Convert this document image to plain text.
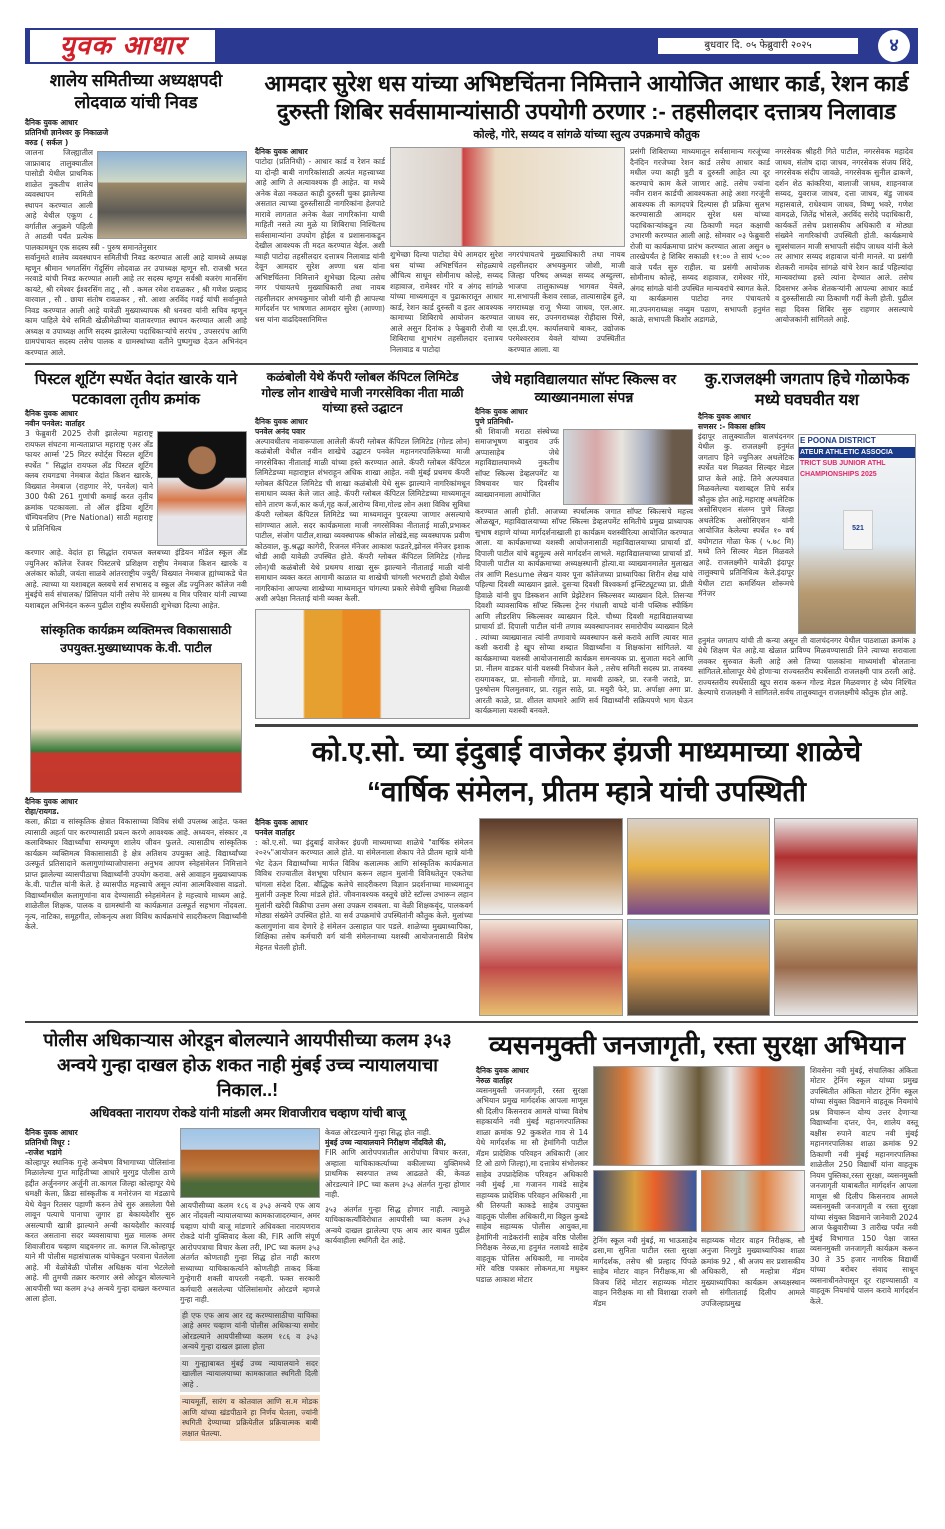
युवक आधार	बुधवार दि. ०५ फेब्रुवारी २०२५	४
शालेय समितीच्या अध्यक्षपदी लोदवाळ यांची निवड
दैनिक युवक आधार
प्रतिनिधी ज्ञानेश्वर कु निकाळजे
वरुड ( सर्कल )

जालना जिल्ह्यातील जाफ्राबाद तालुक्यातील पासोडी येथील प्राथमिक शाळेत नुकतीच शालेय व्यवस्थापन समिती स्थापन करण्यात आली आहे येथील एकूण ८ वर्गातील अनुक्रमे पहिली ते आठवी पर्यंत प्रत्येक पालकामधून एक सदस्य स्त्री - पुरुष समानतेनुसार

सर्वानुमते शालेय व्यवस्थापन समितीची निवड करण्यात आली आहे यामध्ये अध्यक्ष म्हणून श्रीमान भगतसिंग गेंदूसिंग लोदवाळ तर उपाध्यक्ष म्हणून सौ. राजश्री भरत नरवाडे यांची निवड करण्यात आली आहे तर सदस्य म्हणून सर्वश्री बजरंग मानसिंग कायटे, श्री रमेश्वर ईश्वरसिंग ताटू , सौ . कमल रमेश रावळकर , श्री गणेश प्रल्हाद वारवाल , सौ . छाया संतोष रावळकर , सौ. आशा अरविंद गवई यांची सर्वानुमते निवड करण्यात आली आहे यावेळी मुख्याध्यापक श्री धनवरा यांनी सचिव म्हणून काम पाहिले येथे समिती खेळीमेळीच्या वातावरणात स्थापन करण्यात आली आहे अध्यक्ष व उपाध्यक्ष आणि सदस्य झालेल्या पदाधिकाऱ्यांचे सरपंच , उपसरपंच आणि ग्रामपंचायत सदस्य तसेच पालक व ग्रामस्थांच्या वतीने पुष्पगुच्छ देऊन अभिनंदन करण्यात आले.

आमदार सुरेश धस यांच्या अभिष्टचिंतना निमित्ताने आयोजित आधार कार्ड, रेशन कार्ड दुरुस्ती शिबिर सर्वसामान्यांसाठी उपयोगी ठरणार :- तहसीलदार दत्तात्रय निलावाड
कोल्हे, गोरे, सय्यद व सांगळे यांच्या स्तुत्य उपक्रमाचे कौतुक
दैनिक युवक आधार

पाटोदा (प्रतिनिधी) - आधार कार्ड व रेशन कार्ड या दोन्ही बाबी नागरिकांसाठी अत्यंत महत्त्वाच्या आहे आणि ते अत्यावश्यक ही आहेत. या मध्ये अनेक वेळा नकळत काही दुरुस्ती चुका झालेल्या असतात त्याच्या दुरुस्तीसाठी नागरिकांना हेलपाटे मारावे लागतात अनेक वेळा नागरिकांना याची माहिती नसते त्या मुळे या शिबिराचा निश्चितच सर्वसामान्यांना उपयोग होईल व प्रशासनाकडून देखील आवश्यक ती मदत करण्यात येईल. अशी ग्वाही पाटोदा तहसीलदार दत्तात्रय निलावाड यांनी देवून आमदार सुरेश अण्णा धस यांना अभिष्टचिंतना निमित्ताने शुभेच्छा दिल्या तसेच नगर पंचायतचे मुख्याधिकारी तथा नायब तहसीलदार अभयकुमार जोशी यांनी ही आपल्या मार्गदर्शन पर भाषणात आमदार सुरेश (आण्णा) धस यांना वाढदिवसानिमित्त

शुभेच्छा दिल्या पाटोदा येथे आमदार सुरेश धस यांच्या अभिष्टचिंतन सोहळ्याचे औचित्य साधून सोमीनाथ कोल्हे, सय्यद शहावाज, रामेश्वर गोरे व अंगद सांगळे यांच्या माध्यमातून व पुढाकारातून आधार कार्ड, रेशन कार्ड दुरुस्ती व इतर आवश्यक कामाच्या शिबिराचे आयोजन करण्यात आले असुन दिनांक ३ फेब्रुवारी रोजी या शिबिराचा शुभारंभ तहसीलदार दत्तात्रय निलावाड व पाटोदा

नगरपंचायतचे मुख्याधिकारी तथा नायब तहसीलदार अभयकुमार जोशी, माजी जिल्हा परिषद अध्यक्ष सय्यद अब्दुल्ला, भाजपा तालुकाध्यक्ष भागवत येवले, मा.सभापती केशव रसाळ, तात्यासाहेब हुले, नगराध्यक्ष राजू भैय्या जाधव, एल.आर. जाधव सर, उपनगराध्यक्ष रोहीदास पिसे, एस.डी.एम. कार्यालयाचे बाकर, उद्योजक परमेश्वरराव येवले यांच्या उपस्थितीत करण्यात आला. या

प्रसंगी शिबिराच्या माध्यमातून सर्वसामान्य गरजूंच्या दैनंदिन गरजेच्या रेशन कार्ड तसेच आधार कार्ड मधील ज्या काही त्रुटी व दुरुस्ती आहेत त्या दूर करण्याचे काम केले जाणार आहे. तसेच ज्यांना नवीन राशन कार्डची आवश्यकता आहे अशा गरजूंनी आवश्यक ती कागदपत्रे दिल्यास ही प्रक्रिया सुलभ करण्यासाठी आमदार सुरेश धस यांच्या पदाधिकाऱ्यांकडून त्या ठिकाणी मदत कक्षाची उभारणी करण्यात आली आहे. सोमवार ०३ फेब्रुवारी रोजी या कार्यक्रमाचा प्रारंभ करण्यात आला असुन ७ तारखेपर्यंत हे शिबिर सकाळी ११:०० ते सायं ५:०० वाजे पर्यंत सुरु राहील. या प्रसंगी आयोजक सोमीनाथ कोल्हे, सय्यद शहावाज, रामेश्वर गोरे, अंगद सांगळे यांनी उपस्थित मान्यवरांचे स्वागत केले. या कार्यक्रमास पाटोदा नगर पंचायतचे मा.उपनगराध्यक्ष नय्युम पठाण, सभापती हनुमंत काळे, सभापती किशोर अडागळे,

नगरसेवक श्रीहरी गिते पाटील, नगरसेवक महादेव जाधव, संतोष दादा जाधव, नगरसेवक संजय शिंदे, नगरसेवक संदीप जावळे, नगरसेवक सुनील ढाकणे, दर्शन शेठ कांकरिया, बालाजी जाधव, शाहनवाज सय्यद, युवराज जाधव, दत्ता जाधव, बंडु जाधव महासवाले, राधेश्याम जाधव, विष्णू भवरे, गणेश वामदळे, जितेंद्र भोसले, अरविंद सरोदे पदाधिकारी, कार्यकर्ते तसेच प्रशासकीय अधिकारी व मोठ्या संख्येने नागरिकांची उपस्थिती होती. कार्यक्रमाचे सूत्रसंचालन माजी सभापती संदीप जाधव यांनी केले तर आभार सय्यद शहावाज यांनी मानले. या प्रसंगी शेतकरी नामदेव सांगळे यांचे रेशन कार्ड पहिल्यांदा मान्यवरांच्या हस्ते त्यांना देण्यात आले. तसेच दिवसभर अनेक शेतकऱ्यांनी आपल्या आधार कार्ड व दुरुस्तीसाठी त्या ठिकाणी गर्दी केली होती. पुढील सहा दिवस शिबिर सुरु राहणार असल्याचे आयोजकांनी सांगितले आहे.

पिस्टल शूटिंग स्पर्धेत वेदांत खारके याने पटकावला तृतीय क्रमांक
दैनिक युवक आधार
नवीन पनवेल: वार्ताहर

3 फेब्रुवारी 2025 रोजी झालेल्या महाराष्ट्र रायफल संघटना मान्यताप्राप्त महाराष्ट्र एअर अँड फायर आर्म्स '25 मिटर स्पोर्ट्स पिस्टल शूटिंग स्पर्धेत " सिद्धांत रायफल अँड पिस्टल शूटिंग क्लब रायगडचा नेमबाज वेदांत किशन खारके, विख्यात नेमबाज (राहणार नेरे, पनवेल) याने 300 पैकी 261 गुणांची कमाई करत तृतीय क्रमांक पटकावला. तो ऑल इंडिया शूटिंग चॅम्पियनशिप (Pre National) साठी महाराष्ट्र चे प्रतिनिधित्व

करणार आहे. वेदांत हा सिद्धांत रायफल क्लबच्या इंडियन मॉडेल स्कूल अँड ज्युनिअर कॉलेज रेंजवर पिस्टलचे प्रशिक्षण राष्ट्रीय नेमबाज किशन खारके व अलंकार कोळी, जयंता साळवे आंतरराष्ट्रीय ज्युरी/ विख्यात नेमबाज ह्यांच्याकडे घेत आहे. त्याच्या या यशाबद्दल क्लबचे सर्व सभासद व स्कूल अँड ज्युनिअर कॉलेज नवी मुंबईचे सर्व संचालक/ प्रिंसिपल यांनी तसेच नेरे ग्रामस्थ व मित्र परिवार यांनी त्याच्या यशाबद्दल अभिनंदन करून पुढील राष्ट्रीय स्पर्धेसाठी शुभेच्छा दिल्या आहेत.

सांस्कृतिक कार्यक्रम व्यक्तिमत्त्व विकासासाठी उपयुक्त.मुख्याध्यापक के.वी. पाटील
दैनिक युवक आधार
रोहा/रायगड.

कला, क्रीडा व सांस्कृतिक क्षेत्रात विकासाच्या विविध संधी उपलब्ध आहेत. फक्त त्यासाठी अहर्ता पार करण्यासाठी प्रयत्न करणे आवश्यक आहे. अध्ययन, संस्कार ,व कलाविष्कार विद्यार्थ्यांचा सम्यग्यूण शालेय जीवन फुलते. त्यासाठीच सांस्कृतिक कार्यक्रम व्यक्तिमत्व विकासासाठी हे क्षेत्र अतिशय उपयुक्त आहे. विद्यार्थ्यांच्या उत्स्फूर्त प्रतिसादाने कलागुणांच्याजोपासना अनुभव आपण स्नेहसंमेलन निमित्ताने प्राप्त झालेल्या व्यासपीठाचा विद्यार्थ्यांनी उपयोग करावा. असे आवाहन मुख्याध्यापक के.वी. पाटील यांनी केले. हे व्यासपीठ महत्त्वाचे असून त्यांना आत्मविश्वास वाढतो. विद्यार्थ्यांमधील कलागुणांना वाव देण्यासाठी स्नेहसंमेलन हे महत्त्वाचे माध्यम आहे. शाळेतील शिक्षक, पालक व ग्रामस्थांनी या कार्यक्रमात उत्स्फूर्त सहभाग नोंदवला. नृत्य, नाटिका, समूहगीत, लोकनृत्य अशा विविध कार्यक्रमांचे सादरीकरण विद्यार्थ्यांनी केले.

कळंबोली येथे कॅपरी ग्लोबल कॅपिटल लिमिटेड गोल्ड लोन शाखेचे माजी नगरसेविका नीता माळी यांच्या हस्ते उद्घाटन
दैनिक युवक आधार
पनवेल अनंद पवार

अल्पावधीतच नावारूपाला आलेली कॅपरी ग्लोबल कॅपिटल लिमिटेड (गोल्ड लोन) कळंबोली येथील नवीन शाखेचे उद्घाटन पनवेल महानगरपालिकेच्या माजी नगरसेविका नीताताई माळी यांच्या हस्ते करण्यात आले. कॅपरी ग्लोबल कॅपिटल लिमिटेडच्या महाराष्ट्रात शंभराहून अधिक शाखा आहेत. नवी मुंबई प्रथमच कॅपरी ग्लोबल कॅपिटल लिमिटेड ची शाखा कळंबोली येथे सुरू झाल्याने नागरिकांमधून समाधान व्यक्त केले जात आहे. कॅपरी ग्लोबल कॅपिटल लिमिटेडच्या माध्यमातून सोने तारण कर्ज,कार कर्ज,गृह कर्ज,आरोग्य विमा,गोल्ड लोन अशा विविध सुविधा कॅपरी ग्लोबल कॅपिटल लिमिटेड च्या माध्यमातून पुरवल्या जाणार असल्याचे सांगण्यात आले. सदर कार्यक्रमाला माजी नगरसेविका नीताताई माळी,प्रभाकर पाटील, संजोग पाटील,शाखा व्यवस्थापक श्रीकांत लोखंडे,सह व्यवस्थापक प्रवीण कोठवाल, कु.श्रद्धा कागेरी, रिजनल मॅनेजर आकाश फडतरे,झोनल मॅनेजर इशाक थोडी आदी यावेळी उपस्थित होते. कॅपरी ग्लोबल कॅपिटल लिमिटेड (गोल्ड लोन)ची कळंबोली येथे प्रथमच शाखा सुरू झाल्याने नीताताई माळी यांनी समाधान व्यक्त करत आगामी काळात या शाखेची चांगली भरभराटी होवो येथील नागरिकांना आपल्या शाखेच्या माध्यमातून चांगल्या प्रकारे सेवेची सुविधा मिळावी अशी अपेक्षा नितताई यांनी व्यक्त केली.

जेधे महाविद्यालयात सॉफ्ट स्किल्स वर व्याख्यानमाला संपन्न
दैनिक युवक आधार
पुणे प्रतिनिधी-

श्री शिवाजी मराठा संस्थेच्या समाजभूषण बाबुराव उर्फ अप्पासाहेब जेधे महाविद्यालयामध्ये नुकतीच सॉफ्ट स्किल्स डेव्हलपमेंट या विषयावर चार दिवसीय व्याख्यानमाला आयोजित

करण्यात आली होती. आजच्या स्पर्धात्मक जगात सॉफ्ट स्किल्सचे महत्त्व ओळखून, महाविद्यालयाच्या सॉफ्ट स्किल्स डेव्हलपमेंट समितीचे प्रमुख प्राध्यापक सुभाष शहाणे यांच्या मार्गदर्शनाखाली हा कार्यक्रम यशस्वीरित्या आयोजित करण्यात आला. या कार्यक्रमाच्या यशस्वी आयोजनासाठी महाविद्यालयाच्या प्राचार्या डॉ. दिपाली पाटील यांचे बहुमूल्य असे मार्गदर्शन लाभले. महाविद्यालयाच्या प्राचार्या डॉ. दिपाली पाटील या कार्यक्रमाच्या अध्यक्षस्थानी होत्या.या व्याख्यानमालेत मुलाखत तंत्र आणि Resume लेखन यावर पूना कॉलेजच्या प्राध्यापिका शिरीन शेख यांचे पहिल्या दिवशी व्याख्यान झाले. दुसऱ्या दिवशी विश्वकर्मा इन्स्टिट्यूटच्या प्रा. प्रीती हिवाळे यांनी ग्रुप डिस्कशन आणि प्रेझेंटेशन स्किल्सवर व्याख्यान दिले. तिसऱ्या दिवशी व्यावसायिक सॉफ्ट स्किल्स ट्रेनर गंधाली वाघडे यांनी पब्लिक स्पीकिंग आणि लीडरशिप स्किल्सवर व्याख्यान दिले. चौथ्या दिवशी महाविद्यालयाच्या प्राचार्या डॉ. दिपाली पाटील यांनी तणाव व्यवस्थापनावर समारोपीय व्याख्यान दिले . त्यांच्या व्याख्यानात त्यांनी तणावाचे व्यवस्थापन कसे करावे आणि त्यावर मात कशी करावी हे खूप सोप्या शब्दात विद्यार्थ्यांना व शिक्षकांना सांगितले. या कार्यक्रमाच्या यशस्वी आयोजनासाठी कार्यक्रम समन्वयक प्रा. सुजाता मदने आणि प्रा. नीलम वाडकर यांनी यशस्वी नियोजन केले , तसेच समिती सदस्य प्रा. तावस्या रायगावकर, प्रा. सोनाली गोंगाडे, प्रा. माधवी ठाकरे, प्रा. रजनी जराडे, प्रा. पुरुषोत्तम पिलमुलवार, प्रा. राहुल साठे, प्रा. मयुरी फेरे, प्रा. अर्पाक्षा अगा प्रा. आरती काळे, प्रा. शीतल वाघमारे आणि सर्व विद्यार्थ्यांनी सक्रियपणे भाग घेऊन कार्यक्रमाला यशस्वी बनवले.

कु.राजलक्ष्मी जगताप हिचे गोळाफेक मध्ये घवघवीत यश
दैनिक युवक आधार
सणसर :- विकास क्षत्रिय
E POONA DISTRICT
ATEUR ATHLETIC ASSOCIA
TRICT SUB JUNIOR ATHL
CHAMPIONSHIPS 2025
521

इंदापूर तालुक्यातील वालचंदनगर येथील कु. राजलक्ष्मी हनुमंत जगताप हिने ज्युनिअर अथलेटिक स्पर्धेत यश मिळवत सिल्व्हर मेडल प्राप्त केले आहे. तिने अल्पवयात मिळवलेल्या यशाबद्दल तिचे सर्वत्र कौतुक होत आहे.महाराष्ट्र अथलेटिक असोसिएशन संलग्न पुणे जिल्हा अथलेटिक असोसिएशन यांनी आयोजित केलेल्या स्पर्धेत १० वर्ष वयोगटात गोळा फेक ( ५.७८ मि) मध्ये तिने सिल्वर मेडल मिळवले आहे. राजलक्ष्मीने यावेळी इंदापूर तालुक्याचे प्रतिनिधित्व केले.इंदापूर येथील टाटा कमर्शियल शोरूमचे मॅनेजर

हनुमंत जगताप यांची ती कन्या असून ती वालचंदनगर येथील पाठशाळा क्रमांक ३ येथे शिक्षण घेत आहे.या खेळात प्राविण्य मिळवण्यासाठी तिने त्याच्या सरावाला लवकर सुरुवात केली आहे असे तिच्या पालकांना माध्यमांशी बोलताना सांगितले.सोलापूर येथे होणाऱ्या राज्यस्तरीय स्पर्धेसाठी राजलक्ष्मी पात्र ठरली आहे. राज्यस्तरीय स्पर्धेसाठी खूप सराव करून गोल्ड मेडल मिळवणार हे ध्येय निश्चित केल्याचे राजलक्ष्मी ने सांगितले.सर्वच तालुक्यातून राजलक्ष्मीचे कौतुक होत आहे.

को.ए.सो. च्या इंदुबाई वाजेकर इंग्रजी माध्यमाच्या शाळेचे
“वार्षिक संमेलन, प्रीतम म्हात्रे यांची उपस्थिती
दैनिक युवक आधार
पनवेल वार्ताहर

: को.ए.सो. च्या इंदुबाई वाजेकर इंग्रजी माध्यमाच्या शाळेचे "वार्षिक संमेलन २०२५"आयोजन करण्यात आले होते. या संमेलनाला शेकाप नेते प्रीतम म्हात्रे यांनी भेट देऊन विद्यार्थ्यांच्या मार्फत विविध कलात्मक आणि सांस्कृतिक कार्यक्रमात विविध राज्यातील वेशभूषा परिधान करून लहान मुलांनी विविधतेतून एकतेचा चांगला संदेश दिला. बौद्धिक कलेचे सादरीकरण विज्ञान प्रदर्शनाच्या माध्यमातून मुलांनी उत्कृष्ट रित्या मांडले होते. जीवनावश्यक वस्तूचे छोटे स्टॉल्स उभारून लहान मुलांनी खरेदी विक्रीचा उत्तम असा उपक्रम राबवला. या वेळी शिक्षकवृंद, पालकवर्ग मोठ्या संख्येने उपस्थित होते. या सर्व उपक्रमांचे उपस्थितांनी कौतुक केले. मुलांच्या कलागुणांना वाव देणारे हे संमेलन उत्साहात पार पडले. शाळेच्या मुख्याध्यापिका, शिक्षिका तसेच कर्मचारी वर्ग यांनी संमेलनाच्या यशस्वी आयोजनासाठी विशेष मेहनत घेतली होती.

पोलीस अधिकाऱ्यास ओरडून बोलल्याने आयपीसीच्या कलम ३५३ अन्वये गुन्हा दाखल होऊ शकत नाही मुंबई उच्च न्यायालयाचा निकाल..!
अधिवक्ता नारायण रोकडे यांनी मांडली अमर शिवाजीराव चव्हाण यांची बाजू
दैनिक युवक आधार
प्रतिनिधी विधूर :
-राजेश भडांगे

कोल्हापूर स्थानिक गुन्हे अन्वेषण विभागाच्या पोलिसांना मिळालेल्या गुप्त माहितीच्या आधारे मुरगुड पोलीस ठाणे हद्दीत अर्जुननगर अर्जुनी ता.कागल जिल्हा कोल्हापूर येथे धमक्षी केला, क्रिडा सांस्कृतीक व मनोरंजन या मंडळाचे येथे येवुन रितसर पहाणी करुन तेथे सुरु असलेला पैसे लावून पत्याचे पानाचा जुगार हा बेकायदेशीर सुरु असल्याची खात्री झाल्याने अन्वी कायदेशीर कारवाई करत असताना सदर व्यवसायाचा मुळ मालक अमर शिवाजीराव चव्हाण याद्दवनगर ता. कागल जि.कोल्हापूर याने मी पोलीस महासंचालक यांचेकडुन परवाना घेतलेला आहे. मी वेळोवेळी पोलीस अधिक्षक यांना भेटलेलो आहे. मी तुमची तक्रार करणार असे ओरडून बोलल्याने आयपीसी च्या कलम ३५३ अन्वये गुन्हा दाखल करण्यात आला होता.

आयपीसीच्या कलम १८६ व ३५३ अन्वये एफ आय आर नोंदवली न्यायालयाच्या कामकाजादरम्यान, अमर चव्हाण यांची बाजू मांडणारे अधिवक्ता नारायणराव रोकडे यांनी युक्तिवाद केला की, FIR आणि संपूर्ण आरोपपत्राचा विचार केला तरी, IPC च्या कलम ३५३ अंतर्गत कोणताही गुन्हा सिद्ध होत नाही कारण सध्याच्या याचिकाकर्त्याने कोणतीही ताकद किंवा गुन्हेगारी शक्ती वापरली नव्हती. फक्त सरकारी कर्मचारी असलेल्या पोलिसांसमोर ओरडणे म्हणजे गुन्हा नाही.

ही एफ एफ आय आर रद्द करण्यासाठीचा याचिका आहे अमर चव्हाण यांनी पोलीस अधिकाऱ्या समोर ओरडल्याने आयपीसीच्या कलम १८६ व ३५३ अन्वये गुन्हा दाखल झाला होता

या गुन्ह्याबाबत मुंबई उच्च न्यायालयाने सदर खालील न्यायालयाच्या कामकाजात स्थगिती दिली आहे .

न्यायमूर्ती, सारंग व कोतवाल आणि स.म मोडक आणि यांच्या खंडपीठाने हा निर्णय घेतला, ज्यांनी स्थगिती देण्याच्या प्रक्रियेतील प्रक्रियात्मक बाबी लक्षात घेतल्या.

केवळ ओरडल्याने गुन्हा सिद्ध होत नाही.

मुंबई उच्च न्यायालयाने निरीक्षण नोंदविले की,

FIR आणि आरोपपत्रातील आरोपांचा विचार करता, अम्हाला याचिकाकर्त्याच्या वकीलाच्या युक्तिमध्ये प्राथमिक स्वरुपात तथ्य आढळते की, केवळ ओरडल्याने IPC च्या कलम ३५३ अंतर्गत गुन्हा होणार नाही.

३५३ अंतर्गत गुन्हा सिद्ध होणार नाही. त्यामुळे याचिकाकर्त्यांविरोधात आयपीसी च्या कलम ३५३ अन्वये दाखल झालेल्या एफ आय आर बाबत पुढील कार्यवाहीला स्थगिती देत आहे.

व्यसनमुक्ती जनजागृती, रस्ता सुरक्षा अभियान
दैनिक युवक आधार
नेरुळ वार्ताहर

व्यसनमुक्ती जनजागृती, रस्ता सुरक्षा अभियान प्रमुख मार्गदर्शक आपला माणूस श्री दिलीप किसनराव आमले यांच्या विशेष सहकार्याने नवी मुंबई महानगरपालिका शाळा क्रमांक 92 कुकशेत गाव से 14 येथे मार्गदर्शक मा सौ हेमांगिनी पाटील मॅडम प्रादेशिक परिवहन अधिकारी (आर टि ओ ठाणे जिल्हा),मा दत्तात्रेय संभोलकर साहेब उपप्रादेशिक परिवहन अधिकारी नवी मुंबई ,मा गजानन गावंडे साहेब सहाय्यक प्रादेशिक परिवहन अधिकारी ,मा श्री तिरुपती काकडे साहेब उपायुक्त वाहतूक पोलीस अधिकारी,मा विठ्ठल कुबडे साहेब सहाय्यक पोलीस आयुक्त,मा हेमांगिनी नाडेकरांनी साहेब वरिष्ठ पोलीस निरीक्षक नेरुळ,मा हनुमंत नलावडे साहेब वाहतूक पोलिस अधिकारी, मा नामदेव मोरे वरिष्ठ पत्रकार लोकमत,मा मधुकर घडाळ आकाश मोटार

ट्रेनिंग स्कूल नवी मुंबई, मा भाऊसाहेब ढसा,मा सुनिता पाटील रस्ता सुरक्षा मार्गदर्शक, तसेच श्री प्रल्हाद पिंपळे साहेब मोटार वाहन निरीक्षक,मा श्री विजय शिंदे मोटार सहाय्यक मोटार वाहन निरीक्षक मा सौ विशाखा राजगे मॅडम

सहाय्यक मोटार वाहन निरीक्षक, सौ अनुजा निरगुडे मुख्याध्यापिका शाळा क्रमांक 92 , श्री अजय सर प्रशासकीय अधिकारी, सौ मल्होत्रा मॅडम मुख्याध्यापिका कार्यक्रम अध्यक्षस्थान सौ संगीताताई दिलीप आमले उपजिल्हाप्रमुख

शिवसेना नवी मुंबई, संचालिका अंकिता मोटार ट्रेनिंग स्कूल यांच्या प्रमुख उपस्थितीत अंकिता मोटार ट्रेनिंग स्कूल यांच्या संयुक्त विद्यमाने वाहतूक नियमांचे प्रश्न विचारून योग्य उत्तर देणाऱ्या विद्यार्थ्यांना दप्तर, पेन, शालेय वस्तू बक्षीस रुपाने वाटप नवी मुंबई महानगरपालिका शाळा क्रमांक 92 ठिकाणी नवी मुंबई महानगरपालिका शाळेतील 250 विद्यार्थी यांना वाहतूक नियम पुस्तिका,रस्ता सुरक्षा, व्यसनमुक्ती जनजागृती याबाबतीत मार्गदर्शन आपला माणूस श्री दिलीप किसनराव आमले व्यसनमुक्ती जनजागृती व रस्ता सुरक्षा यांच्या संयुक्त विद्यमाने जानेवारी 2024 आज फेब्रुवारीच्या 3 तारीख पर्यंत नवी मुंबई विभागात 150 पेक्षा जास्त व्यसनमुक्ती जनजागृती कार्यक्रम करून 30 ते 35 हजार नागरिक विद्यार्थी यांच्या बरोबर संवाद साधून व्यसनाधीनतेपासून दूर राहण्यासाठी व वाहतूक नियमांचे पालन करावे मार्गदर्शन केले.
